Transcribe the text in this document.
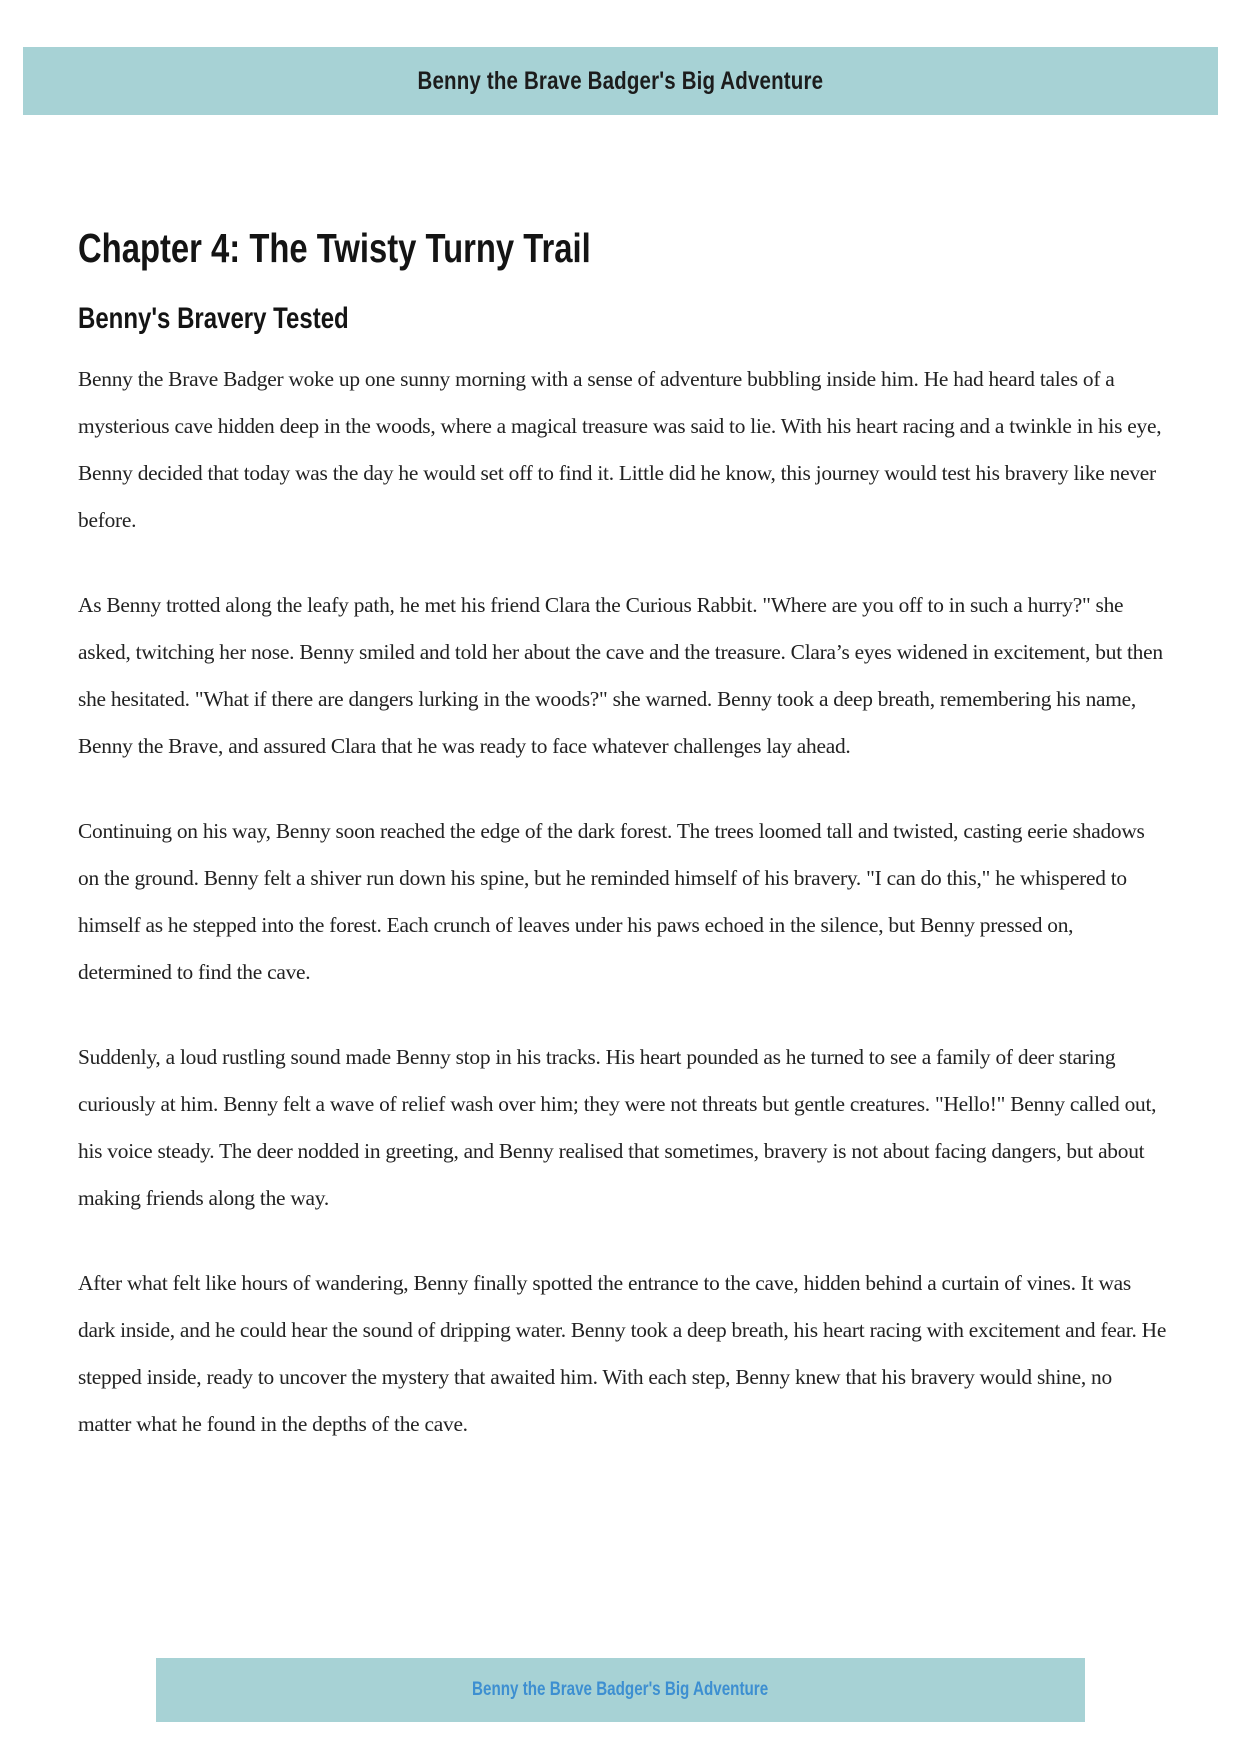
Benny the Brave Badger's Big Adventure
Chapter 4: The Twisty Turny Trail
Benny's Bravery Tested

Benny the Brave Badger woke up one sunny morning with a sense of adventure bubbling inside him. He had heard tales of a mysterious cave hidden deep in the woods, where a magical treasure was said to lie. With his heart racing and a twinkle in his eye, Benny decided that today was the day he would set off to find it. Little did he know, this journey would test his bravery like never before.

As Benny trotted along the leafy path, he met his friend Clara the Curious Rabbit. "Where are you off to in such a hurry?" she asked, twitching her nose. Benny smiled and told her about the cave and the treasure. Clara’s eyes widened in excitement, but then she hesitated. "What if there are dangers lurking in the woods?" she warned. Benny took a deep breath, remembering his name, Benny the Brave, and assured Clara that he was ready to face whatever challenges lay ahead.

Continuing on his way, Benny soon reached the edge of the dark forest. The trees loomed tall and twisted, casting eerie shadows on the ground. Benny felt a shiver run down his spine, but he reminded himself of his bravery. "I can do this," he whispered to himself as he stepped into the forest. Each crunch of leaves under his paws echoed in the silence, but Benny pressed on, determined to find the cave.

Suddenly, a loud rustling sound made Benny stop in his tracks. His heart pounded as he turned to see a family of deer staring curiously at him. Benny felt a wave of relief wash over him; they were not threats but gentle creatures. "Hello!" Benny called out, his voice steady. The deer nodded in greeting, and Benny realised that sometimes, bravery is not about facing dangers, but about making friends along the way.

After what felt like hours of wandering, Benny finally spotted the entrance to the cave, hidden behind a curtain of vines. It was dark inside, and he could hear the sound of dripping water. Benny took a deep breath, his heart racing with excitement and fear. He stepped inside, ready to uncover the mystery that awaited him. With each step, Benny knew that his bravery would shine, no matter what he found in the depths of the cave.

Benny the Brave Badger's Big Adventure
